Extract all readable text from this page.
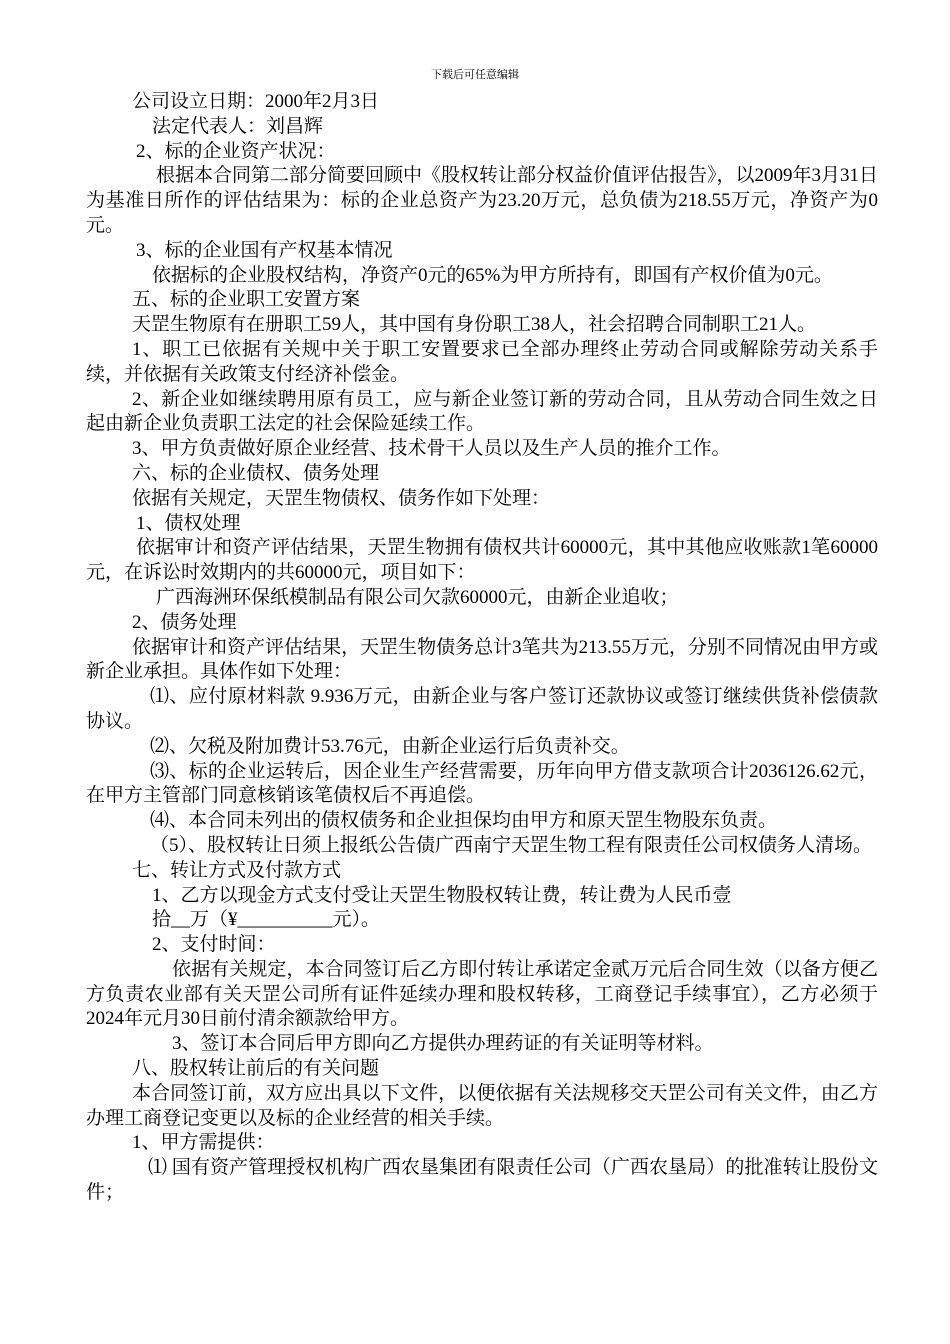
下载后可任意编辑

公司设立日期：2000年2月3日

法定代表人：刘昌辉

2、标的企业资产状况：

根据本合同第二部分简要回顾中《股权转让部分权益价值评估报告》，以2009年3月31日为基准日所作的评估结果为：标的企业总资产为23.20万元，总负债为218.55万元，净资产为0元。

3、标的企业国有产权基本情况

依据标的企业股权结构，净资产0元的65%为甲方所持有，即国有产权价值为0元。

五、标的企业职工安置方案

天罡生物原有在册职工59人，其中国有身份职工38人，社会招聘合同制职工21人。

1、职工已依据有关规中关于职工安置要求已全部办理终止劳动合同或解除劳动关系手续，并依据有关政策支付经济补偿金。

2、新企业如继续聘用原有员工，应与新企业签订新的劳动合同，且从劳动合同生效之日起由新企业负责职工法定的社会保险延续工作。

3、甲方负责做好原企业经营、技术骨干人员以及生产人员的推介工作。

六、标的企业债权、债务处理

依据有关规定，天罡生物债权、债务作如下处理：

1、债权处理

依据审计和资产评估结果，天罡生物拥有债权共计60000元，其中其他应收账款1笔60000元，在诉讼时效期内的共60000元，项目如下：

广西海洲环保纸模制品有限公司欠款60000元，由新企业追收；

2、债务处理

依据审计和资产评估结果，天罡生物债务总计3笔共为213.55万元，分别不同情况由甲方或新企业承担。具体作如下处理：

⑴、应付原材料款 9.936万元，由新企业与客户签订还款协议或签订继续供货补偿债款协议。

⑵、欠税及附加费计53.76元，由新企业运行后负责补交。

⑶、标的企业运转后，因企业生产经营需要，历年向甲方借支款项合计2036126.62元，在甲方主管部门同意核销该笔债权后不再追偿。

⑷、本合同未列出的债权债务和企业担保均由甲方和原天罡生物股东负责。

（5）、股权转让日须上报纸公告债广西南宁天罡生物工程有限责任公司权债务人清场。

七、转让方式及付款方式

1、乙方以现金方式支付受让天罡生物股权转让费，转让费为人民币壹

拾__万（¥__________元）。

2、支付时间：

依据有关规定，本合同签订后乙方即付转让承诺定金贰万元后合同生效（以备方便乙方负责农业部有关天罡公司所有证件延续办理和股权转移，工商登记手续事宜），乙方必须于2024年元月30日前付清余额款给甲方。

3、签订本合同后甲方即向乙方提供办理药证的有关证明等材料。

八、股权转让前后的有关问题

本合同签订前，双方应出具以下文件，以便依据有关法规移交天罡公司有关文件，由乙方办理工商登记变更以及标的企业经营的相关手续。

1、甲方需提供：

⑴ 国有资产管理授权机构广西农垦集团有限责任公司（广西农垦局）的批准转让股份文件；
